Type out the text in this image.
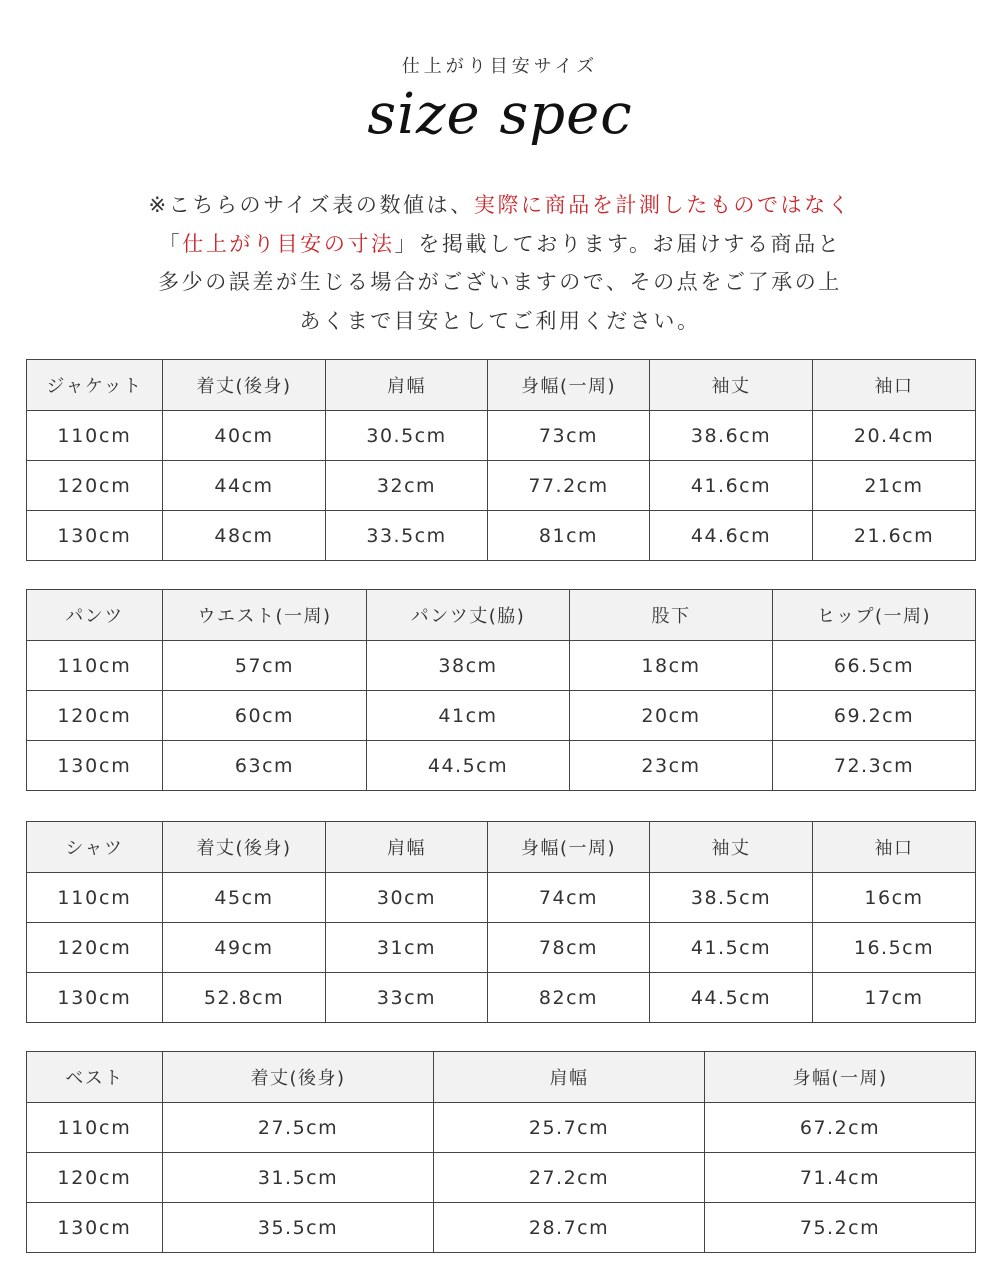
仕上がり目安サイズ
size spec
※こちらのサイズ表の数値は、実際に商品を計測したものではなく
「仕上がり目安の寸法」を掲載しております。お届けする商品と
多少の誤差が生じる場合がございますので、その点をご了承の上
あくまで目安としてご利用ください。
ジャケット	着丈(後身)	肩幅	身幅(一周)	袖丈	袖口
110cm	40cm	30.5cm	73cm	38.6cm	20.4cm
120cm	44cm	32cm	77.2cm	41.6cm	21cm
130cm	48cm	33.5cm	81cm	44.6cm	21.6cm
パンツ	ウエスト(一周)	パンツ丈(脇)	股下	ヒップ(一周)
110cm	57cm	38cm	18cm	66.5cm
120cm	60cm	41cm	20cm	69.2cm
130cm	63cm	44.5cm	23cm	72.3cm
シャツ	着丈(後身)	肩幅	身幅(一周)	袖丈	袖口
110cm	45cm	30cm	74cm	38.5cm	16cm
120cm	49cm	31cm	78cm	41.5cm	16.5cm
130cm	52.8cm	33cm	82cm	44.5cm	17cm
ベスト	着丈(後身)	肩幅	身幅(一周)
110cm	27.5cm	25.7cm	67.2cm
120cm	31.5cm	27.2cm	71.4cm
130cm	35.5cm	28.7cm	75.2cm
